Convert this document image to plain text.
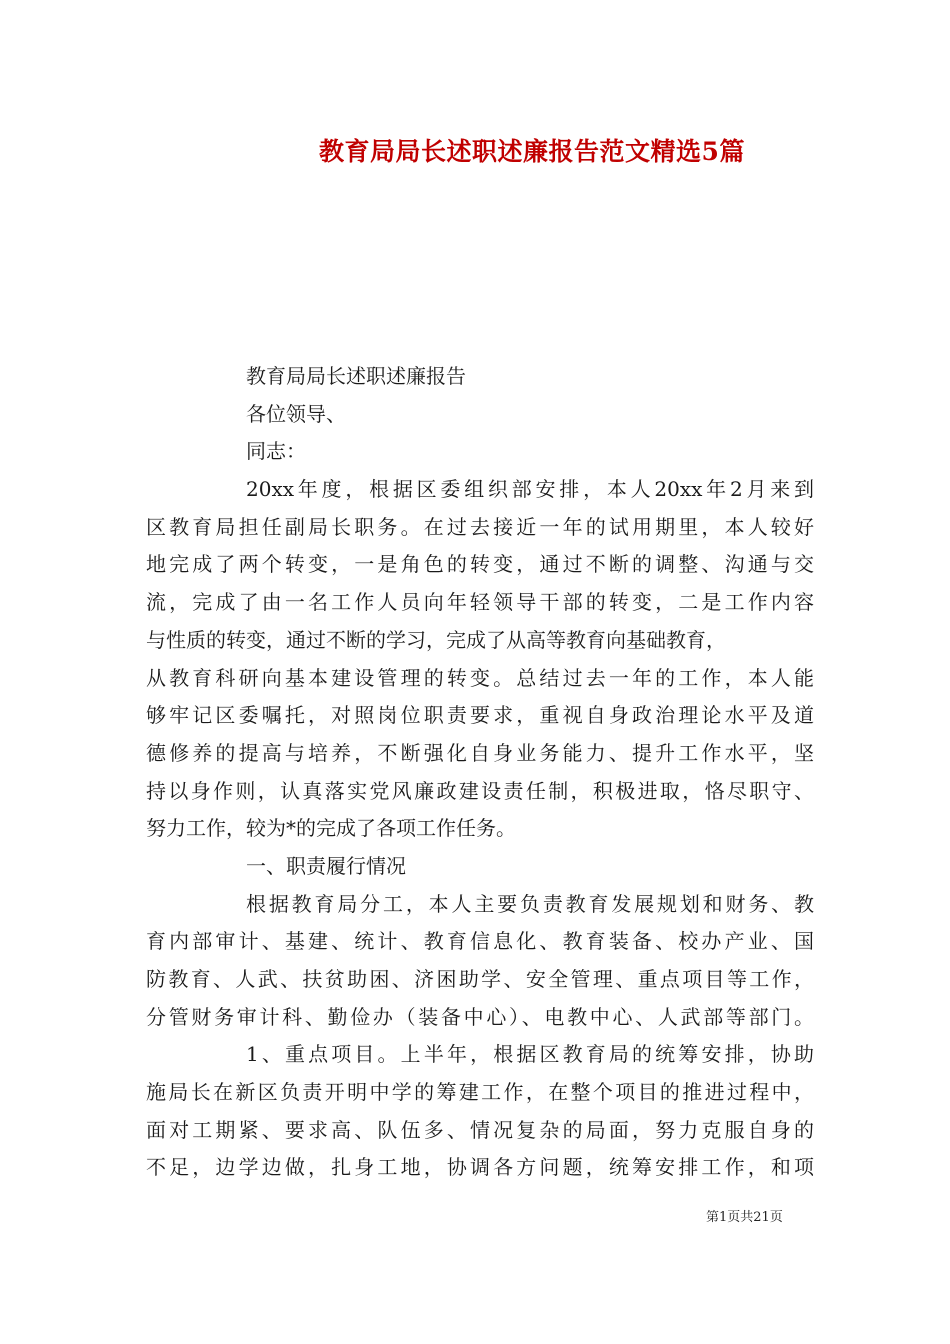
教育局局长述职述廉报告范文精选5篇
教育局局长述职述廉报告
各位领导、
同志：
20xx年度，根据区委组织部安排，本人20xx年2月来到
区教育局担任副局长职务。在过去接近一年的试用期里，本人较好
地完成了两个转变，一是角色的转变，通过不断的调整、沟通与交
流，完成了由一名工作人员向年轻领导干部的转变，二是工作内容
与性质的转变，通过不断的学习，完成了从高等教育向基础教育，
从教育科研向基本建设管理的转变。总结过去一年的工作，本人能
够牢记区委嘱托，对照岗位职责要求，重视自身政治理论水平及道
德修养的提高与培养，不断强化自身业务能力、提升工作水平，坚
持以身作则，认真落实党风廉政建设责任制，积极进取，恪尽职守、
努力工作，较为*的完成了各项工作任务。
一、职责履行情况
根据教育局分工，本人主要负责教育发展规划和财务、教
育内部审计、基建、统计、教育信息化、教育装备、校办产业、国
防教育、人武、扶贫助困、济困助学、安全管理、重点项目等工作，
分管财务审计科、勤俭办（装备中心）、电教中心、人武部等部门。
1、重点项目。上半年，根据区教育局的统筹安排，协助
施局长在新区负责开明中学的筹建工作，在整个项目的推进过程中，
面对工期紧、要求高、队伍多、情况复杂的局面，努力克服自身的
不足，边学边做，扎身工地，协调各方问题，统筹安排工作，和项
第1页共21页
